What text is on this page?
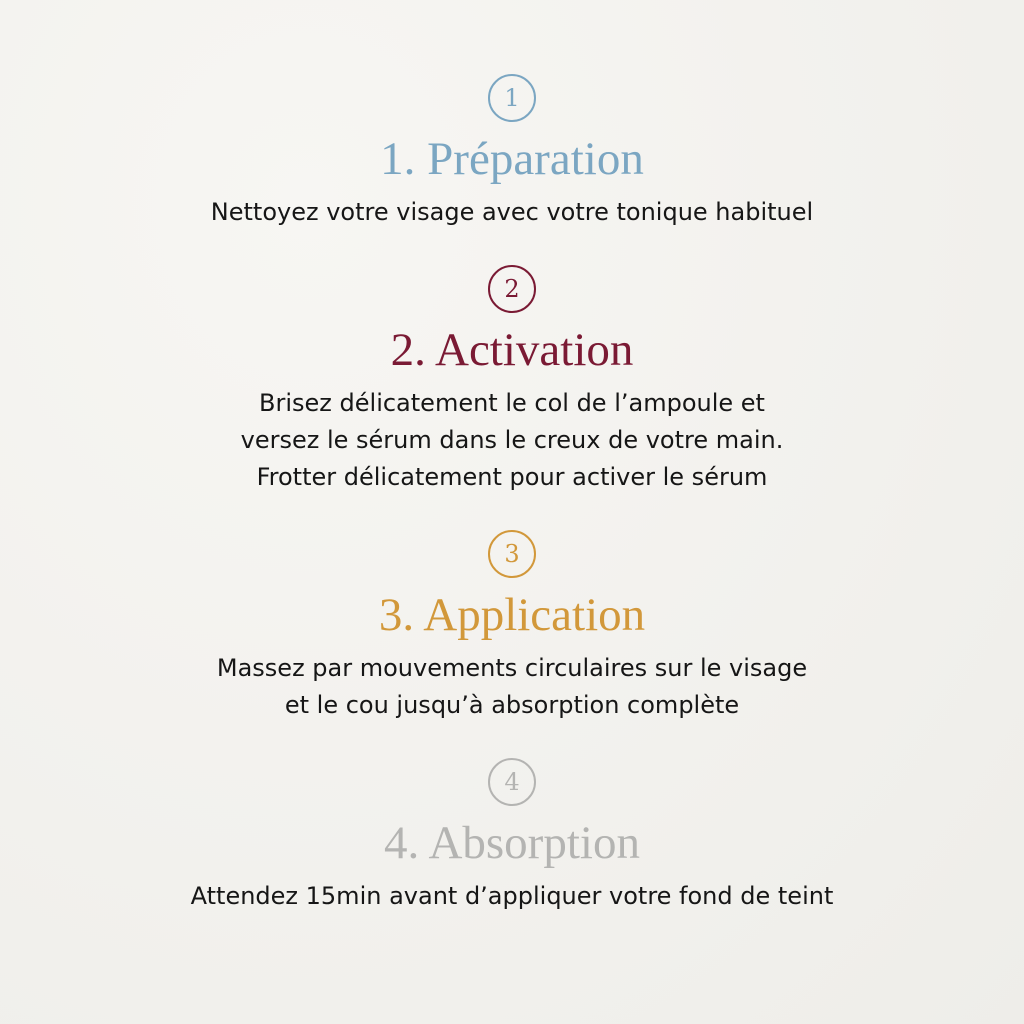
1
1. Préparation
Nettoyez votre visage avec votre tonique habituel
2
2. Activation
Brisez délicatement le col de l’ampoule et
versez le sérum dans le creux de votre main.
Frotter délicatement pour activer le sérum
3
3. Application
Massez par mouvements circulaires sur le visage
et le cou jusqu’à absorption complète
4
4. Absorption
Attendez 15min avant d’appliquer votre fond de teint
